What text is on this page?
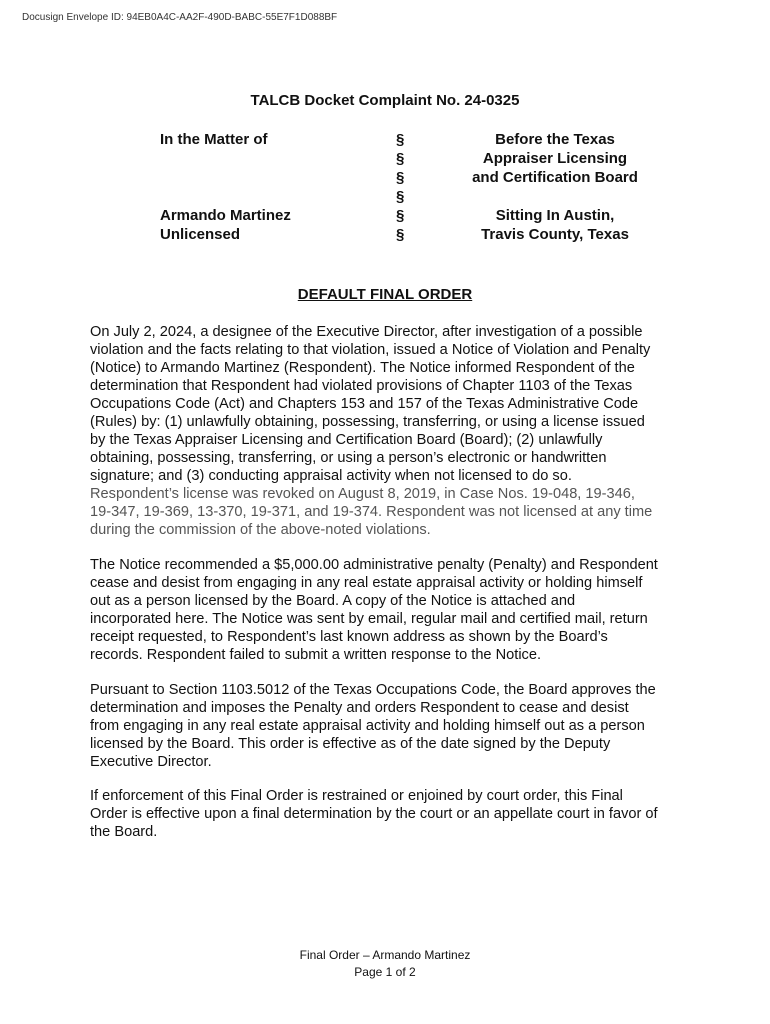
Docusign Envelope ID: 94EB0A4C-AA2F-490D-BABC-55E7F1D088BF
TALCB Docket Complaint No. 24-0325
In the Matter of
Armando Martinez
Unlicensed
§
§
§
§
§
§
Before the Texas
Appraiser Licensing
and Certification Board
Sitting In Austin,
Travis County, Texas
DEFAULT FINAL ORDER
On July 2, 2024, a designee of the Executive Director, after investigation of a possible
violation and the facts relating to that violation, issued a Notice of Violation and Penalty
(Notice) to Armando Martinez (Respondent). The Notice informed Respondent of the
determination that Respondent had violated provisions of Chapter 1103 of the Texas
Occupations Code (Act) and Chapters 153 and 157 of the Texas Administrative Code
(Rules) by: (1) unlawfully obtaining, possessing, transferring, or using a license issued
by the Texas Appraiser Licensing and Certification Board (Board); (2) unlawfully
obtaining, possessing, transferring, or using a person’s electronic or handwritten
signature; and (3) conducting appraisal activity when not licensed to do so.
Respondent’s license was revoked on August 8, 2019, in Case Nos. 19-048, 19-346,
19-347, 19-369, 13-370, 19-371, and 19-374. Respondent was not licensed at any time
during the commission of the above-noted violations.
The Notice recommended a $5,000.00 administrative penalty (Penalty) and Respondent
cease and desist from engaging in any real estate appraisal activity or holding himself
out as a person licensed by the Board. A copy of the Notice is attached and
incorporated here. The Notice was sent by email, regular mail and certified mail, return
receipt requested, to Respondent’s last known address as shown by the Board’s
records. Respondent failed to submit a written response to the Notice.
Pursuant to Section 1103.5012 of the Texas Occupations Code, the Board approves the
determination and imposes the Penalty and orders Respondent to cease and desist
from engaging in any real estate appraisal activity and holding himself out as a person
licensed by the Board. This order is effective as of the date signed by the Deputy
Executive Director.
If enforcement of this Final Order is restrained or enjoined by court order, this Final
Order is effective upon a final determination by the court or an appellate court in favor of
the Board.
Final Order – Armando Martinez
Page 1 of 2
